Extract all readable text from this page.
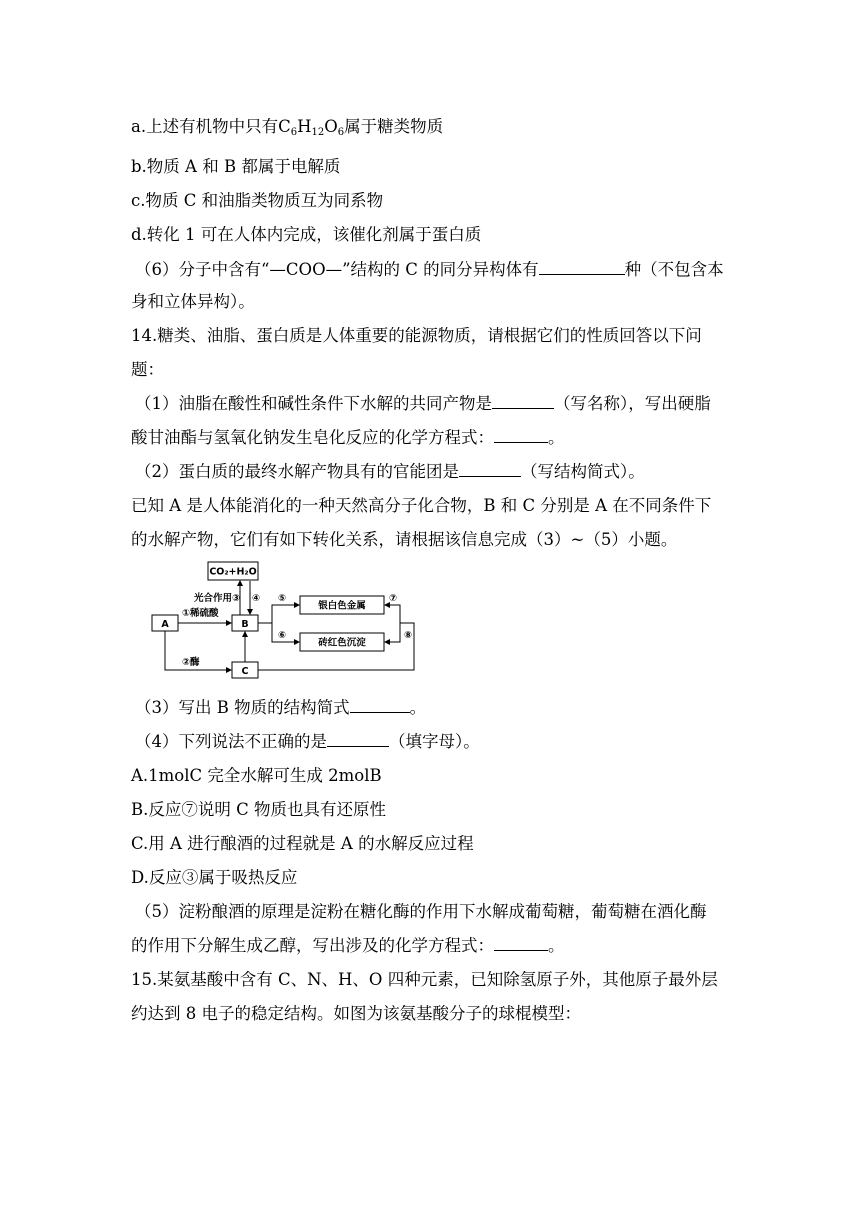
a.上述有机物中只有$C_6H_{12}O_6$属于糖类物质

b.物质 A 和 B 都属于电解质

c.物质 C 和油脂类物质互为同系物

d.转化 1 可在人体内完成，该催化剂属于蛋白质

（6）分子中含有“—COO—”结构的 C 的同分异构体有	种（不包含本

身和立体异构）。

14.糖类、油脂、蛋白质是人体重要的能源物质，请根据它们的性质回答以下问

题：

（1）油脂在酸性和碱性条件下水解的共同产物是	（写名称），写出硬脂

酸甘油酯与氢氧化钠发生皂化反应的化学方程式：	。

（2）蛋白质的最终水解产物具有的官能团是	（写结构简式）。

已知 A 是人体能消化的一种天然高分子化合物，B 和 C 分别是 A 在不同条件下

的水解产物，它们有如下转化关系，请根据该信息完成（3）~（5）小题。

CO₂+H₂O
A	B
C
银白色金属
砖红色沉淀
光合作用③ ④
①稀硫酸
②酶
⑤
⑥
⑦
⑧

（3）写出 B 物质的结构简式	。

（4）下列说法不正确的是	（填字母）。

A.1molC 完全水解可生成 2molB

B.反应⑦说明 C 物质也具有还原性

C.用 A 进行酿酒的过程就是 A 的水解反应过程

D.反应③属于吸热反应

（5）淀粉酿酒的原理是淀粉在糖化酶的作用下水解成葡萄糖，葡萄糖在酒化酶

的作用下分解生成乙醇，写出涉及的化学方程式：	。

15.某氨基酸中含有 C、N、H、O 四种元素，已知除氢原子外，其他原子最外层

约达到 8 电子的稳定结构。如图为该氨基酸分子的球棍模型：
